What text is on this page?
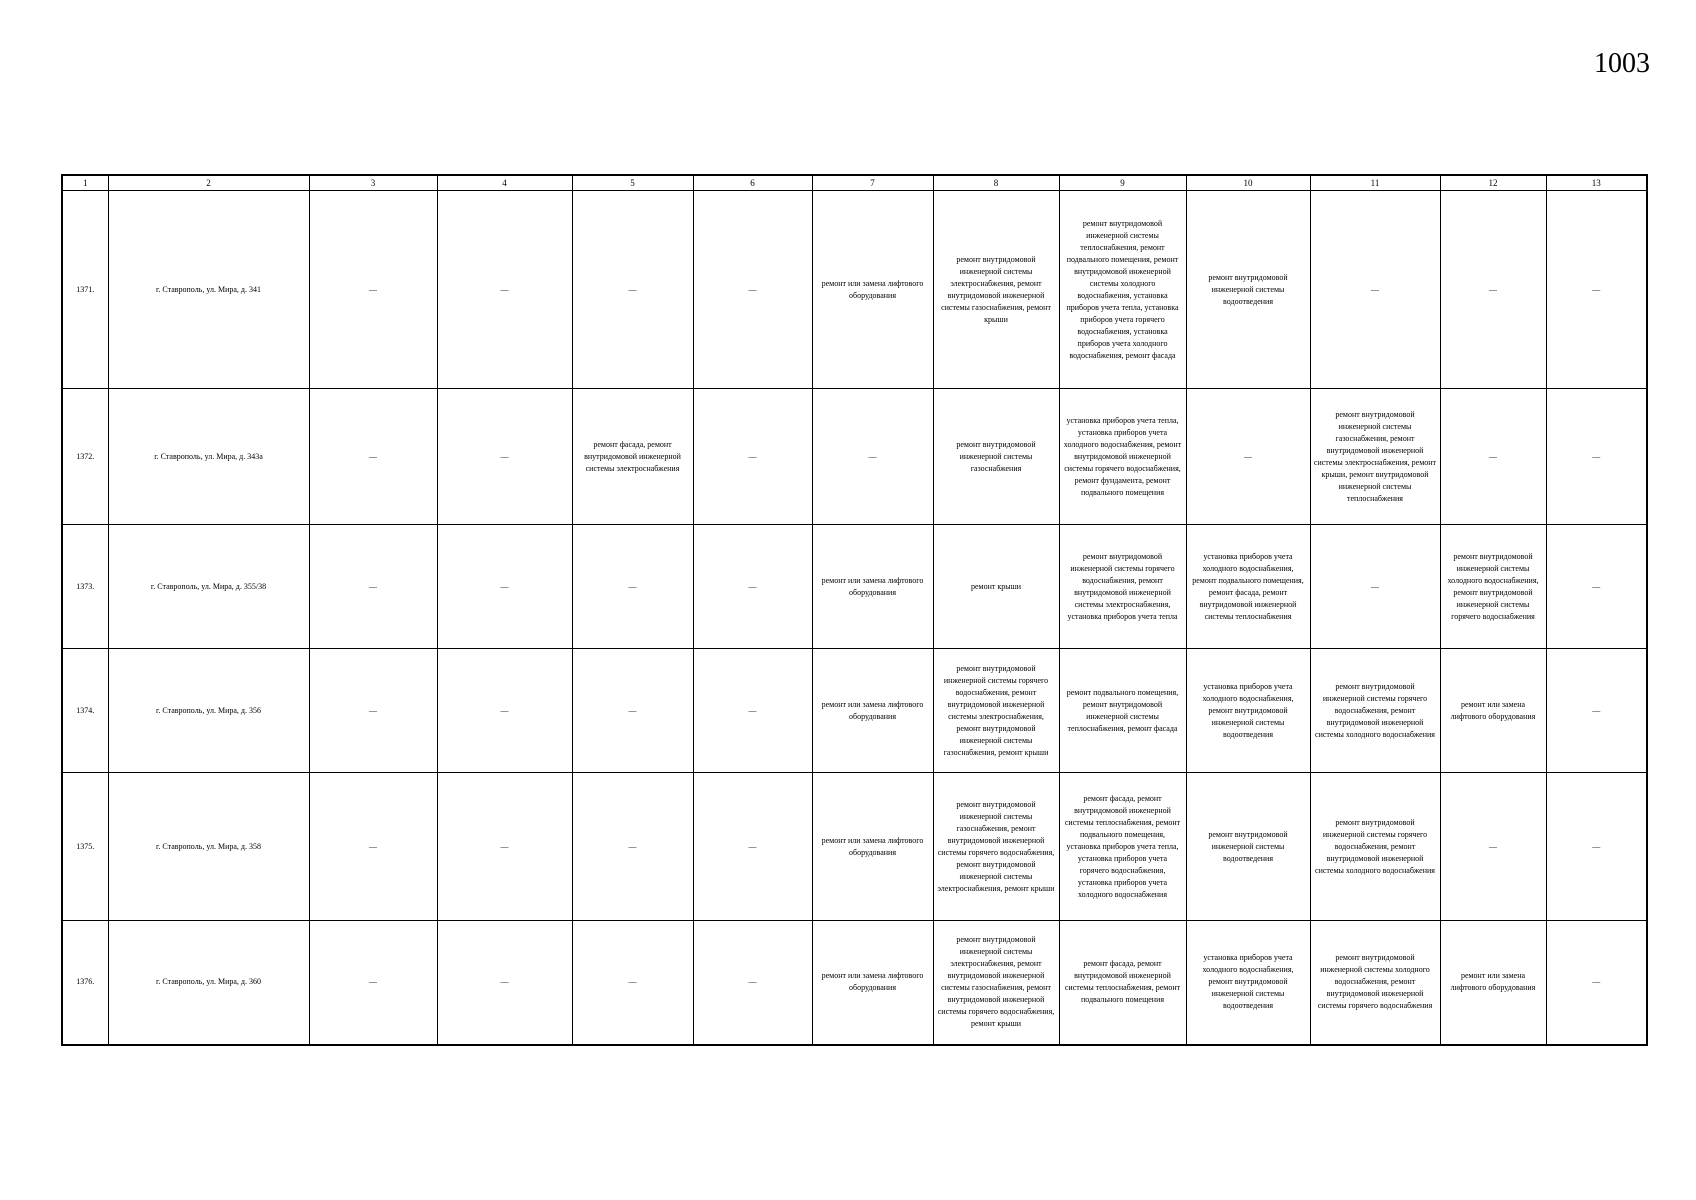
1003
1	2	3	4	5	6	7	8	9	10	11	12	13
1371.	г. Ставрополь, ул. Мира, д. 341	—	—	—	—	ремонт или замена лифтового оборудования	ремонт внутридомовой инженерной системы электроснабжения, ремонт внутридомовой инженерной системы газоснабжения, ремонт крыши	ремонт внутридомовой инженерной системы теплоснабжения, ремонт подвального помещения, ремонт внутридомовой инженерной системы холодного водоснабжения, установка приборов учета тепла, установка приборов учета горячего водоснабжения, установка приборов учета холодного водоснабжения, ремонт фасада	ремонт внутридомовой инженерной системы водоотведения	—	—	—
1372.	г. Ставрополь, ул. Мира, д. 343а	—	—	ремонт фасада, ремонт внутридомовой инженерной системы электроснабжения	—	—	ремонт внутридомовой инженерной системы газоснабжения	установка приборов учета тепла, установка приборов учета холодного водоснабжения, ремонт внутридомовой инженерной системы горячего водоснабжения, ремонт фундамента, ремонт подвального помещения	—	ремонт внутридомовой инженерной системы газоснабжения, ремонт внутридомовой инженерной системы электроснабжения, ремонт крыши, ремонт внутридомовой инженерной системы теплоснабжения	—	—
1373.	г. Ставрополь, ул. Мира, д. 355/38	—	—	—	—	ремонт или замена лифтового оборудования	ремонт крыши	ремонт внутридомовой инженерной системы горячего водоснабжения, ремонт внутридомовой инженерной системы электроснабжения, установка приборов учета тепла	установка приборов учета холодного водоснабжения, ремонт подвального помещения, ремонт фасада, ремонт внутридомовой инженерной системы теплоснабжения	—	ремонт внутридомовой инженерной системы холодного водоснабжения, ремонт внутридомовой инженерной системы горячего водоснабжения	—
1374.	г. Ставрополь, ул. Мира, д. 356	—	—	—	—	ремонт или замена лифтового оборудования	ремонт внутридомовой инженерной системы горячего водоснабжения, ремонт внутридомовой инженерной системы электроснабжения, ремонт внутридомовой инженерной системы газоснабжения, ремонт крыши	ремонт подвального помещения, ремонт внутридомовой инженерной системы теплоснабжения, ремонт фасада	установка приборов учета холодного водоснабжения, ремонт внутридомовой инженерной системы водоотведения	ремонт внутридомовой инженерной системы горячего водоснабжения, ремонт внутридомовой инженерной системы холодного водоснабжения	ремонт или замена лифтового оборудования	—
1375.	г. Ставрополь, ул. Мира, д. 358	—	—	—	—	ремонт или замена лифтового оборудования	ремонт внутридомовой инженерной системы газоснабжения, ремонт внутридомовой инженерной системы горячего водоснабжения, ремонт внутридомовой инженерной системы электроснабжения, ремонт крыши	ремонт фасада, ремонт внутридомовой инженерной системы теплоснабжения, ремонт подвального помещения, установка приборов учета тепла, установка приборов учета горячего водоснабжения, установка приборов учета холодного водоснабжения	ремонт внутридомовой инженерной системы водоотведения	ремонт внутридомовой инженерной системы горячего водоснабжения, ремонт внутридомовой инженерной системы холодного водоснабжения	—	—
1376.	г. Ставрополь, ул. Мира, д. 360	—	—	—	—	ремонт или замена лифтового оборудования	ремонт внутридомовой инженерной системы электроснабжения, ремонт внутридомовой инженерной системы газоснабжения, ремонт внутридомовой инженерной системы горячего водоснабжения, ремонт крыши	ремонт фасада, ремонт внутридомовой инженерной системы теплоснабжения, ремонт подвального помещения	установка приборов учета холодного водоснабжения, ремонт внутридомовой инженерной системы водоотведения	ремонт внутридомовой инженерной системы холодного водоснабжения, ремонт внутридомовой инженерной системы горячего водоснабжения	ремонт или замена лифтового оборудования	—
